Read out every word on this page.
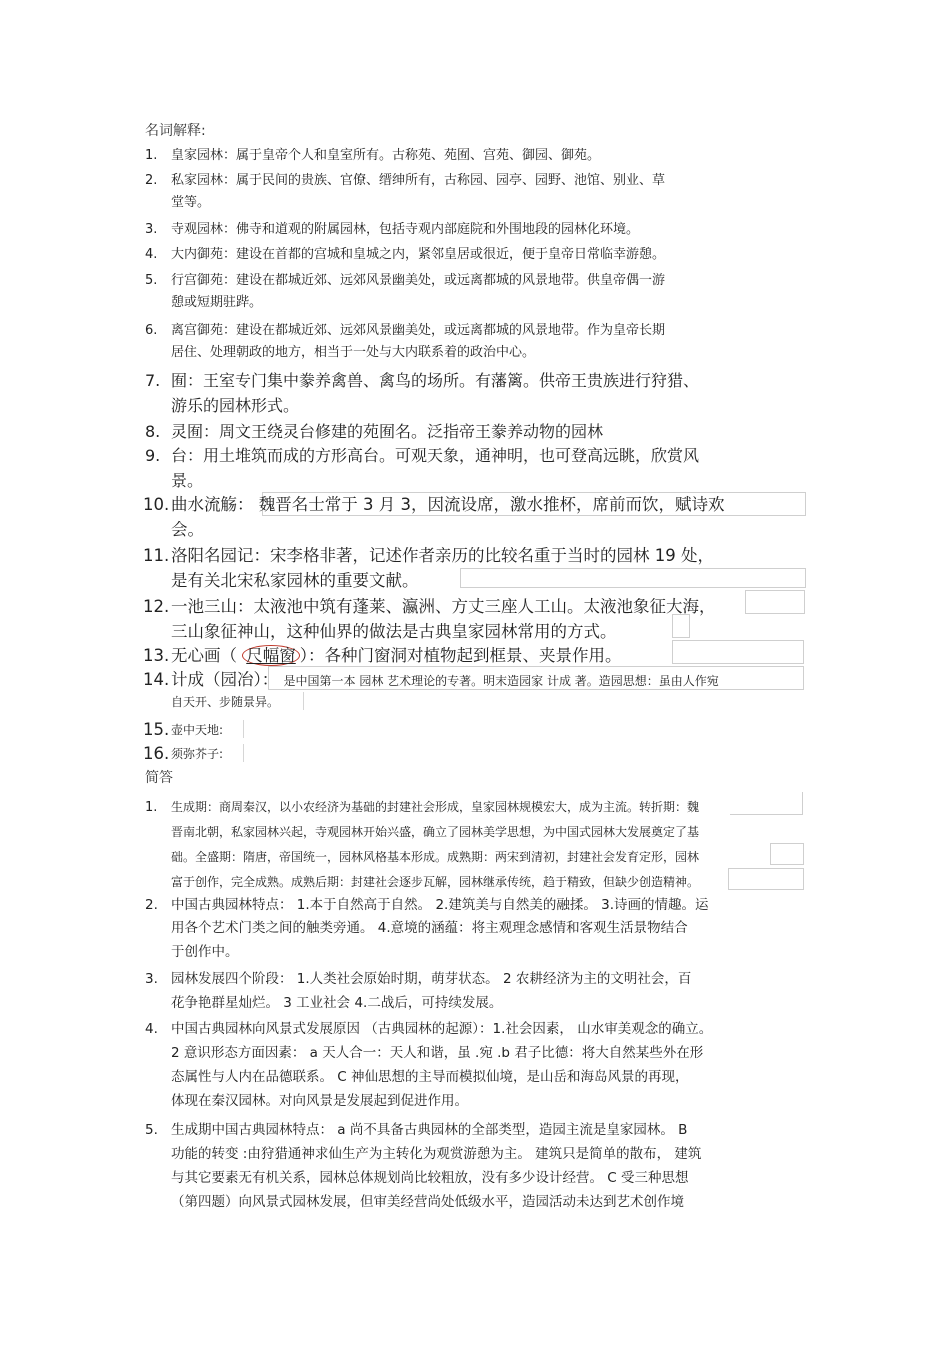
名词解释:
1. 皇家园林：属于皇帝个人和皇室所有。古称苑、苑囿、宫苑、御园、御苑。
2. 私家园林：属于民间的贵族、官僚、缙绅所有，古称园、园亭、园野、池馆、别业、草
堂等。
3. 寺观园林：佛寺和道观的附属园林，包括寺观内部庭院和外围地段的园林化环境。
4. 大内御苑：建设在首都的宫城和皇城之内，紧邻皇居或很近，便于皇帝日常临幸游憩。
5. 行宫御苑：建设在都城近郊、远郊风景幽美处，或远离都城的风景地带。供皇帝偶一游
憩或短期驻跸。
6. 离宫御苑：建设在都城近郊、远郊风景幽美处，或远离都城的风景地带。作为皇帝长期
居住、处理朝政的地方，相当于一处与大内联系着的政治中心。
7. 囿：王室专门集中豢养禽兽、禽鸟的场所。有藩篱。供帝王贵族进行狩猎、
游乐的园林形式。
8. 灵囿：周文王绕灵台修建的苑囿名。泛指帝王豢养动物的园林
9. 台：用土堆筑而成的方形高台。可观天象，通神明，也可登高远眺，欣赏风
景。
10. 曲水流觞： 魏晋名士常于 3 月 3，因流设席，激水推杯，席前而饮，赋诗欢
会。
11. 洛阳名园记：宋李格非著，记述作者亲历的比较名重于当时的园林 19 处，
是有关北宋私家园林的重要文献。
12. 一池三山：太液池中筑有蓬莱、瀛洲、方丈三座人工山。太液池象征大海，
三山象征神山，这种仙界的做法是古典皇家园林常用的方式。
13. 无心画（ 尺幅窗 ）：各种门窗洞对植物起到框景、夹景作用。
14. 计成（园冶）： 是中国第一本 园林 艺术理论的专著。明末造园家 计成 著。造园思想：虽由人作宛
自天开、步随景异。
15. 壶中天地:
16. 须弥芥子:
简答
1. 生成期：商周秦汉，以小农经济为基础的封建社会形成，皇家园林规模宏大，成为主流。转折期：魏
晋南北朝，私家园林兴起，寺观园林开始兴盛，确立了园林美学思想，为中国式园林大发展奠定了基
础。全盛期：隋唐，帝国统一，园林风格基本形成。成熟期：两宋到清初，封建社会发育定形，园林
富于创作，完全成熟。成熟后期：封建社会逐步瓦解，园林继承传统，趋于精致，但缺少创造精神。
2. 中国古典园林特点： 1.本于自然高于自然。 2.建筑美与自然美的融揉。 3.诗画的情趣。运
用各个艺术门类之间的触类旁通。 4.意境的涵蕴：将主观理念感情和客观生活景物结合
于创作中。
3. 园林发展四个阶段： 1.人类社会原始时期，萌芽状态。 2 农耕经济为主的文明社会，百
花争艳群星灿烂。 3 工业社会 4.二战后，可持续发展。
4. 中国古典园林向风景式发展原因 （古典园林的起源）：1.社会因素， 山水审美观念的确立。
2 意识形态方面因素： a 天人合一：天人和谐，虽 .宛 .b 君子比德：将大自然某些外在形
态属性与人内在品德联系。 C 神仙思想的主导而模拟仙境，是山岳和海岛风景的再现，
体现在秦汉园林。对向风景是发展起到促进作用。
5. 生成期中国古典园林特点： a 尚不具备古典园林的全部类型，造园主流是皇家园林。 B
功能的转变 :由狩猎通神求仙生产为主转化为观赏游憩为主。 建筑只是简单的散布， 建筑
与其它要素无有机关系，园林总体规划尚比较粗放，没有多少设计经营。 C 受三种思想
（第四题）向风景式园林发展，但审美经营尚处低级水平，造园活动未达到艺术创作境
